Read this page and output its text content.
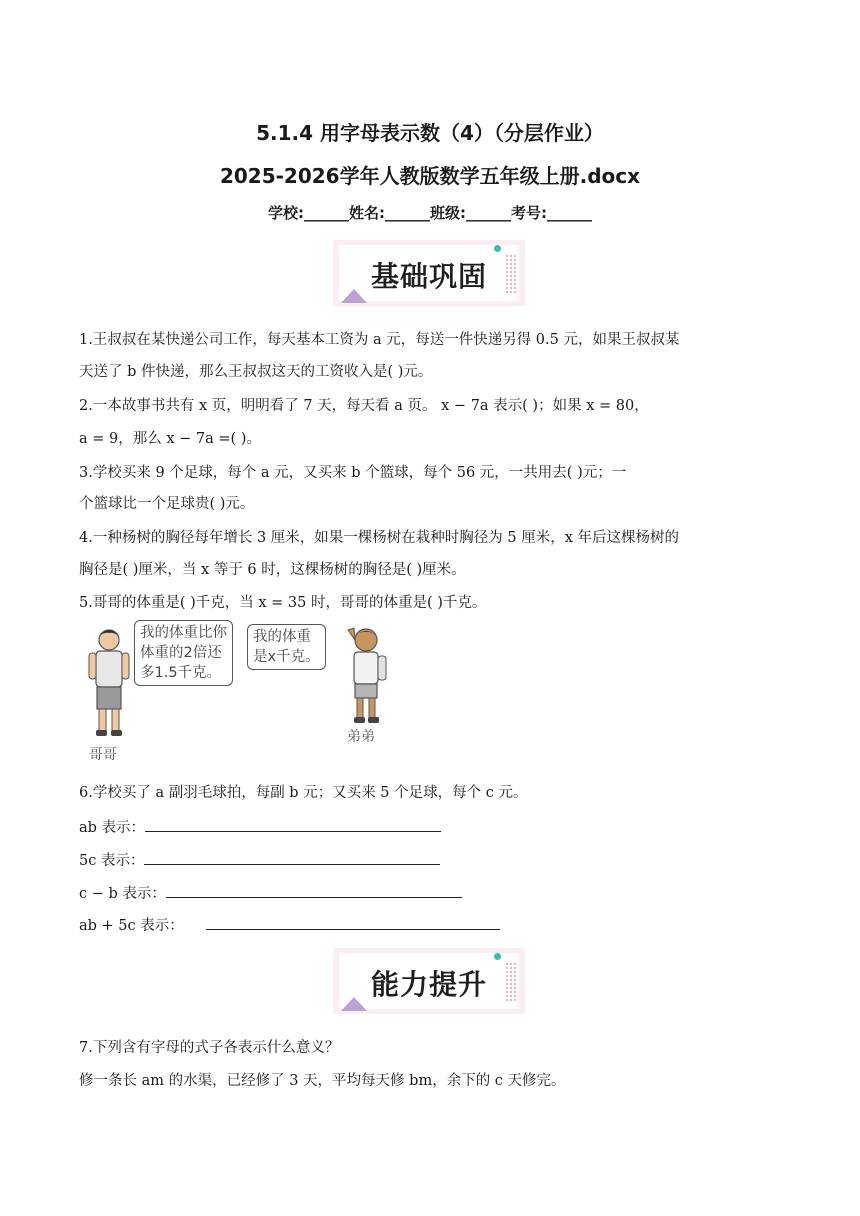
5.1.4 用字母表示数（4）（分层作业）
2025-2026学年人教版数学五年级上册.docx
学校:______姓名:______班级:______考号:______
基础巩固
1.王叔叔在某快递公司工作，每天基本工资为 a 元，每送一件快递另得 0.5 元，如果王叔叔某
天送了 b 件快递，那么王叔叔这天的工资收入是( )元。
2.一本故事书共有 x 页，明明看了 7 天，每天看 a 页。 x − 7a 表示( )；如果 x = 80，
a = 9，那么 x − 7a =( )。
3.学校买来 9 个足球，每个 a 元，又买来 b 个篮球，每个 56 元，一共用去( )元；一
个篮球比一个足球贵( )元。
4.一种杨树的胸径每年增长 3 厘米，如果一棵杨树在栽种时胸径为 5 厘米，x 年后这棵杨树的
胸径是( )厘米，当 x 等于 6 时，这棵杨树的胸径是( )厘米。
5.哥哥的体重是( )千克，当 x = 35 时，哥哥的体重是( )千克。
我的体重比你
体重的2倍还
多1.5千克。
我的体重
是x千克。
哥哥
弟弟
6.学校买了 a 副羽毛球拍，每副 b 元；又买来 5 个足球，每个 c 元。
ab 表示：
5c 表示：
c − b 表示：
ab + 5c 表示：
能力提升
7.下列含有字母的式子各表示什么意义？
修一条长 am 的水渠，已经修了 3 天，平均每天修 bm，余下的 c 天修完。
